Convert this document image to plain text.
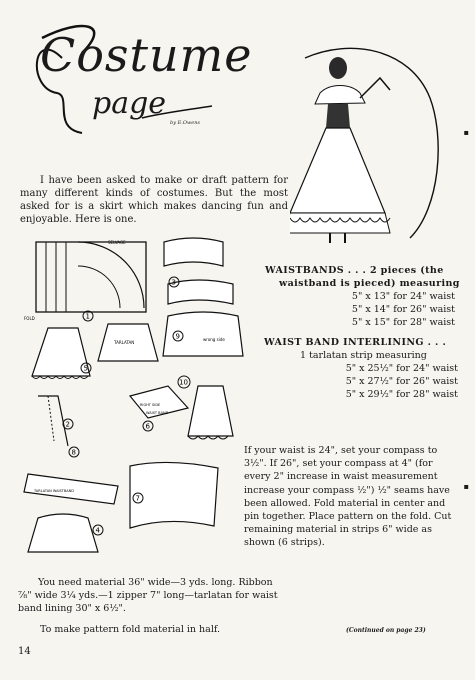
Costume
page
by E.Owens
I have been asked to make or draft pattern for many different kinds of costumes. But the most asked for is a skirt which makes dancing fun and enjoyable. Here is one.
SELVAGE
FOLD
TARLATAN
wrong side
RIGHT SIDE
WAIST BAND
TARLATAN WAISTBAND
1
2
3
4
5
6
7
8
9
10
WAISTBANDS . . . 2 pieces (the
waistband is pieced) measuring
5" x 13" for 24" waist
5" x 14" for 26" waist
5" x 15" for 28" waist
WAIST BAND INTERLINING . . .
1 tarlatan strip measuring
5" x 25½" for 24" waist
5" x 27½" for 26" waist
5" x 29½" for 28" waist
If your waist is 24", set your compass to 3½". If 26", set your compass at 4" (for every 2" increase in waist measurement increase your compass ½") ½" seams have been allowed. Fold material in center and pin together. Place pattern on the fold. Cut remaining material in strips 6" wide as shown (6 strips).
You need material 36" wide—3 yds. long. Ribbon ⅞" wide 3¼ yds.—1 zipper 7" long—tarlatan for waist band lining 30" x 6½".
To make pattern fold material in half.	(Continued on page 23)
14
▪
▪
